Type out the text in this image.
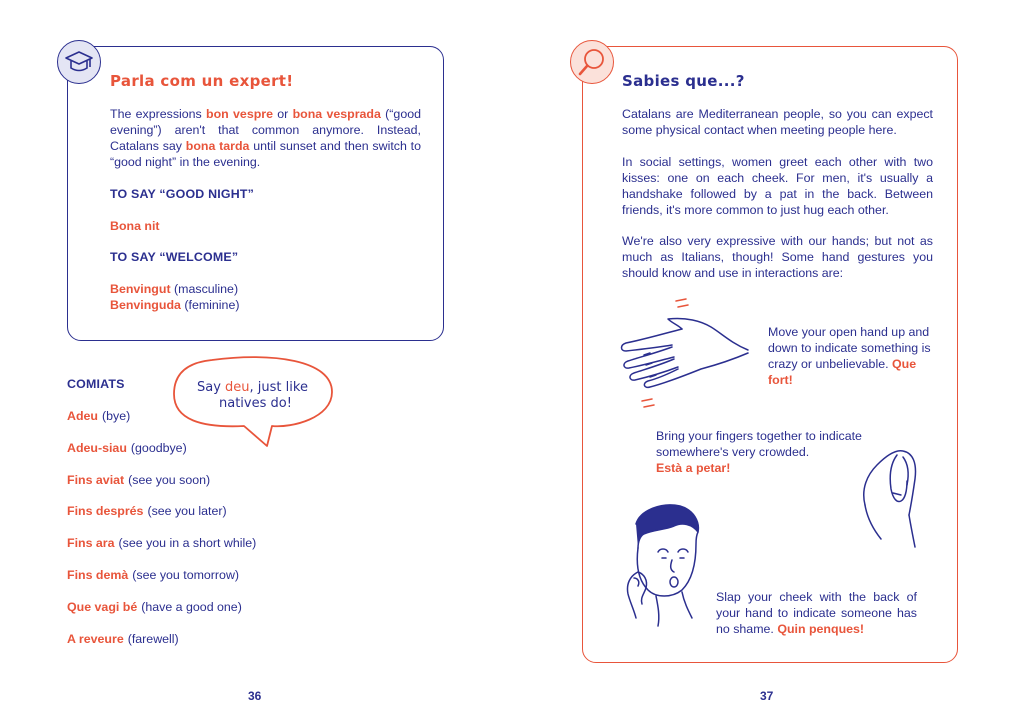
Parla com un expert!
The expressions bon vespre or bona vesprada (“good evening”) aren't that common anymore. Instead, Catalans say bona tarda until sunset and then switch to “good night” in the evening.
TO SAY “GOOD NIGHT”
Bona nit
TO SAY “WELCOME”
Benvingut (masculine)
Benvinguda (feminine)
Say deu, just like
natives do!
COMIATS
Adeu (bye)
Adeu-siau (goodbye)
Fins aviat (see you soon)
Fins després (see you later)
Fins ara (see you in a short while)
Fins demà (see you tomorrow)
Que vagi bé (have a good one)
A reveure (farewell)
36
Sabies que...?
Catalans are Mediterranean people, so you can expect some physical contact when meeting people here.
In social settings, women greet each other with two kisses: one on each cheek. For men, it's usually a handshake followed by a pat in the back. Between friends, it's more common to just hug each other.
We're also very expressive with our hands; but not as much as Italians, though! Some hand gestures you should know and use in interactions are:
Move your open hand up and down to indicate something is crazy or unbelievable. Que fort!
Bring your fingers together to indicate somewhere's very crowded.
Està a petar!
Slap your cheek with the back of your hand to indicate someone has no shame. Quin penques!
37
